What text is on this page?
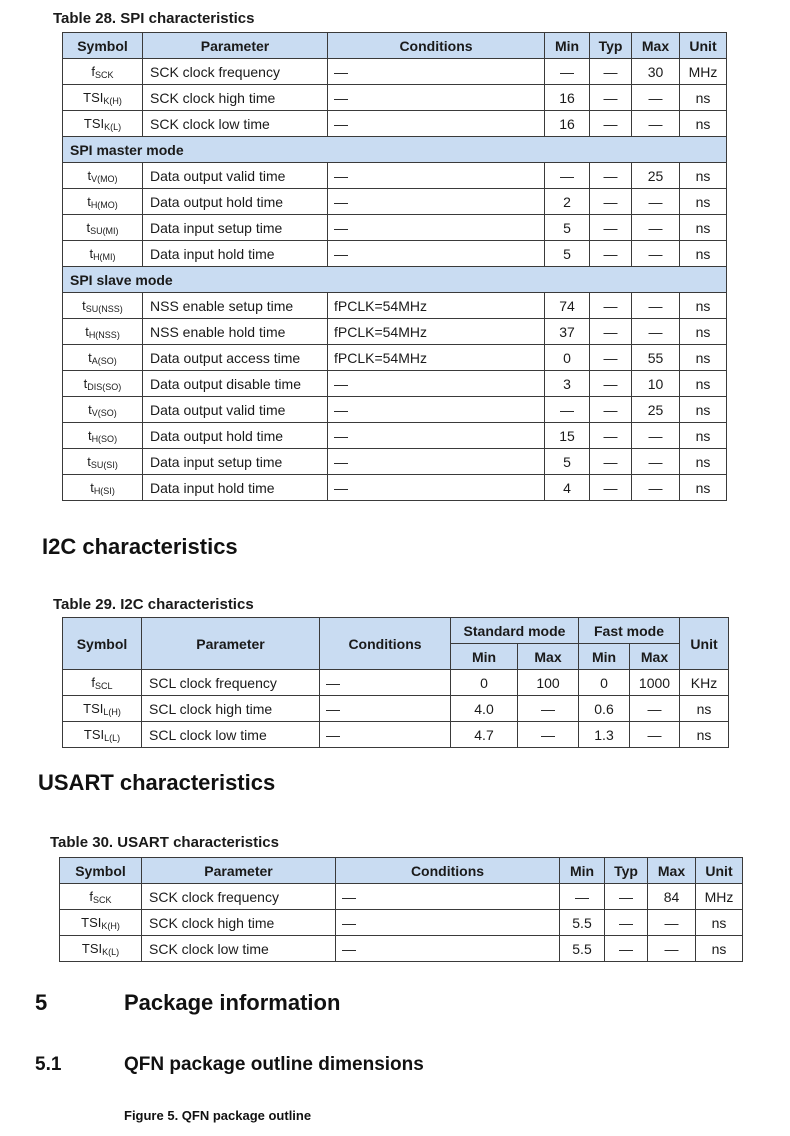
Table 28. SPI characteristics
Symbol	Parameter	Conditions	Min	Typ	Max	Unit
$f_{SCK}$	SCK clock frequency	—	—	—	30	MHz
$TSI_{K(H)}$	SCK clock high time	—	16	—	—	ns
$TSI_{K(L)}$	SCK clock low time	—	16	—	—	ns
SPI master mode						
$t_{V(MO)}$	Data output valid time	—	—	—	25	ns
$t_{H(MO)}$	Data output hold time	—	2	—	—	ns
$t_{SU(MI)}$	Data input setup time	—	5	—	—	ns
$t_{H(MI)}$	Data input hold time	—	5	—	—	ns
SPI slave mode						
$t_{SU(NSS)}$	NSS enable setup time	fPCLK=54MHz	74	—	—	ns
$t_{H(NSS)}$	NSS enable hold time	fPCLK=54MHz	37	—	—	ns
$t_{A(SO)}$	Data output access time	fPCLK=54MHz	0	—	55	ns
$t_{DIS(SO)}$	Data output disable time	—	3	—	10	ns
$t_{V(SO)}$	Data output valid time	—	—	—	25	ns
$t_{H(SO)}$	Data output hold time	—	15	—	—	ns
$t_{SU(SI)}$	Data input setup time	—	5	—	—	ns
$t_{H(SI)}$	Data input hold time	—	4	—	—	ns
I2C characteristics
Table 29. I2C characteristics
Symbol	Parameter	Conditions	Standard mode		Fast mode		Unit
			Min	Max	Min	Max	
$f_{SCL}$	SCL clock frequency	—	0	100	0	1000	KHz
$TSI_{L(H)}$	SCL clock high time	—	4.0	—	0.6	—	ns
$TSI_{L(L)}$	SCL clock low time	—	4.7	—	1.3	—	ns
USART characteristics
Table 30. USART characteristics
Symbol	Parameter	Conditions	Min	Typ	Max	Unit
$f_{SCK}$	SCK clock frequency	—	—	—	84	MHz
$TSI_{K(H)}$	SCK clock high time	—	5.5	—	—	ns
$TSI_{K(L)}$	SCK clock low time	—	5.5	—	—	ns
5	Package information
5.1	QFN package outline dimensions
Figure 5. QFN package outline
